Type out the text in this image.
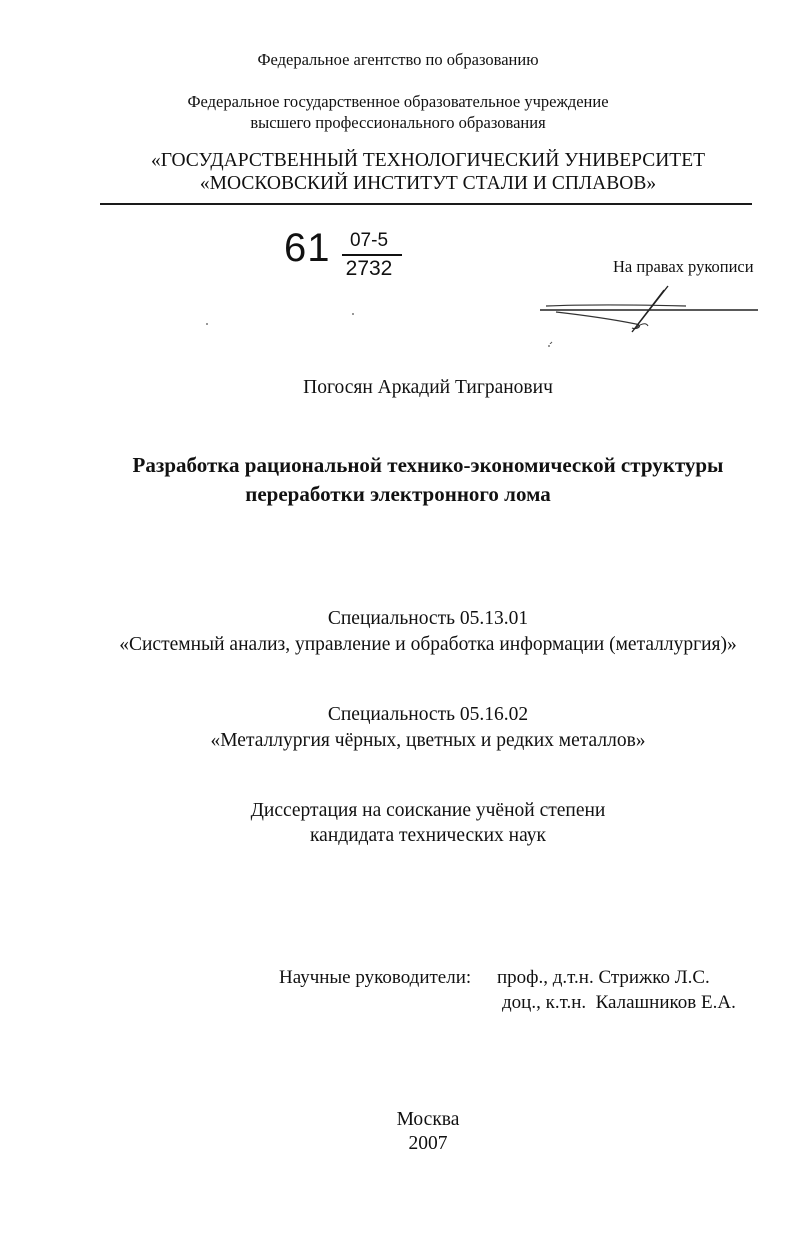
Федеральное агентство по образованию
Федеральное государственное образовательное учреждение
высшего профессионального образования
«ГОСУДАРСТВЕННЫЙ ТЕХНОЛОГИЧЕСКИЙ УНИВЕРСИТЕТ
«МОСКОВСКИЙ ИНСТИТУТ СТАЛИ И СПЛАВОВ»
61	07-5
2732	На правах рукописи
Погосян Аркадий Тигранович
Разработка рациональной технико-экономической структуры
переработки электронного лома
Специальность 05.13.01
«Системный анализ, управление и обработка информации (металлургия)»
Специальность 05.16.02
«Металлургия чёрных, цветных и редких металлов»
Диссертация на соискание учёной степени
кандидата технических наук
Научные руководители: проф., д.т.н. Стрижко Л.С.
доц., к.т.н.  Калашников Е.А.
Москва
2007
